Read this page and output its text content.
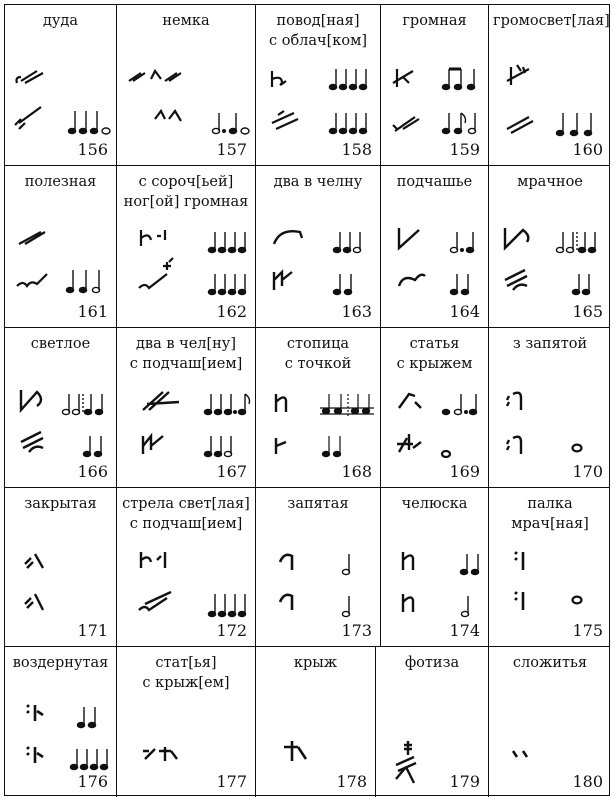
дуда
156
немка
157
повод[ная]
с облач[ком]
158
громная
159
громосвет[лая]
160
полезная
161
с сороч[ьей]
ног[ой] громная
162
два в челну
163
подчашье
164
мрачное
165
светлое
166
два в чел[ну]
с подчаш[ием]
167
стопица
с точкой
168
статья
с крыжем
169
з запятой
170
закрытая
171
стрела свет[лая]
с подчаш[ием]
172
запятая
173
челюска
174
палка
мрач[ная]
175
воздернутая
176
стат[ья]
с крыж[ем]
177
крыж
178
фотиза
179
сложитья
180
